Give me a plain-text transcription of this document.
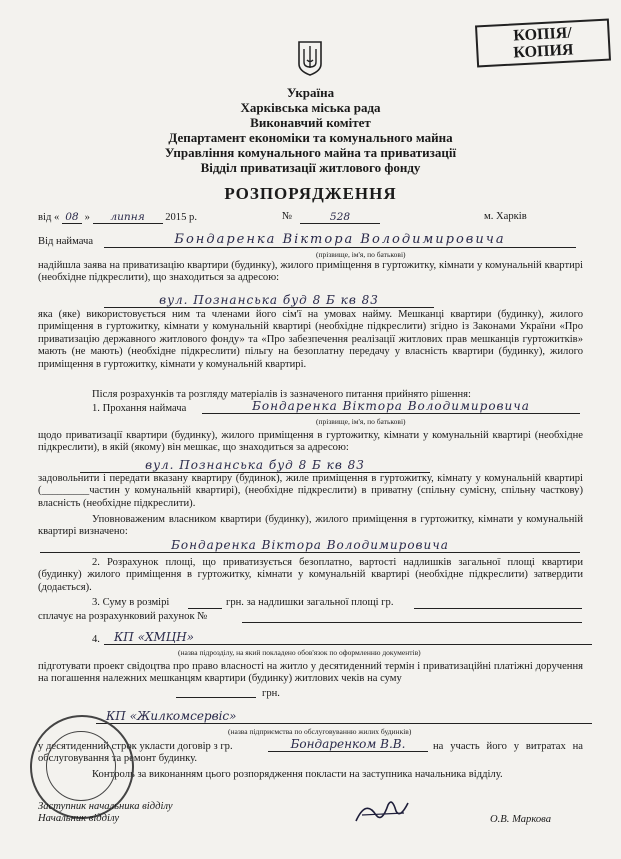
КОПІЯ/
КОПИЯ
Україна
Харківська міська рада
Виконавчий комітет
Департамент економіки та комунального майна
Управління комунального майна та приватизації
Відділ приватизації житлового фонду
РОЗПОРЯДЖЕННЯ
від « 08 » липня 2015 р.	№	528	м. Харків
Від наймача	Бондаренка Віктора Володимировича
(прізвище, ім'я, по батькові)
надійшла заява на приватизацію квартири (будинку), жилого приміщення в гуртожитку, кімнати у комунальній квартирі (необхідне підкреслити), що знаходиться за адресою:
вул. Познанська буд 8 Б кв 83
яка (яке) використовується ним та членами його сім'ї на умовах найму. Мешканці квартири (будинку), жилого приміщення в гуртожитку, кімнати у комунальній квартирі (необхідне підкреслити) згідно із Законами України «Про приватизацію державного житлового фонду» та «Про забезпечення реалізації житлових прав мешканців гуртожитків» мають (не мають) (необхідне підкреслити) пільгу на безоплатну передачу у власність квартири (будинку), жилого приміщення в гуртожитку, кімнати у комунальній квартирі.
Після розрахунків та розгляду матеріалів із зазначеного питання прийнято рішення:
1. Прохання наймача	Бондаренка Віктора Володимировича
(прізвище, ім'я, по батькові)
щодо приватизації квартири (будинку), жилого приміщення в гуртожитку, кімнати у комунальній квартирі (необхідне підкреслити), в якій (якому) він мешкає, що знаходиться за адресою:
вул. Познанська буд 8 Б кв 83
задовольнити і передати вказану квартиру (будинок), жиле приміщення в гуртожитку, кімнату у комунальній квартирі (_________частин у комунальній квартирі), (необхідне підкреслити) в приватну (спільну сумісну, спільну часткову) власність (необхідне підкреслити).
Уповноваженим власником квартири (будинку), жилого приміщення в гуртожитку, кімнати у комунальній квартирі визначено:
Бондаренка Віктора Володимировича
2. Розрахунок площі, що приватизується безоплатно, вартості надлишків загальної площі квартири (будинку) жилого приміщення в гуртожитку, кімнати у комунальній квартирі (необхідне підкреслити) затвердити (додається).
3. Суму в розмірі	грн. за надлишки загальної площі гр.
сплачує на розрахунковий рахунок №
4.	КП «ХМЦН»
(назва підрозділу, на який покладено обов'язок по оформленню документів)
підготувати проект свідоцтва про право власності на житло у десятиденний термін і приватизаційні платіжні доручення на погашення належних мешканцям квартири (будинку) житлових чеків на суму
грн.
КП «Жилкомсервіс»
(назва підприємства по обслуговуванню жилих будинків)
у десятиденний строк укласти договір з гр.	Бондаренком В.В.	на участь його у витратах на обслуговування та ремонт будинку.
Контроль за виконанням цього розпорядження покласти на заступника начальника відділу.
Заступник начальника відділу
Начальник відділу	О.В. Маркова
